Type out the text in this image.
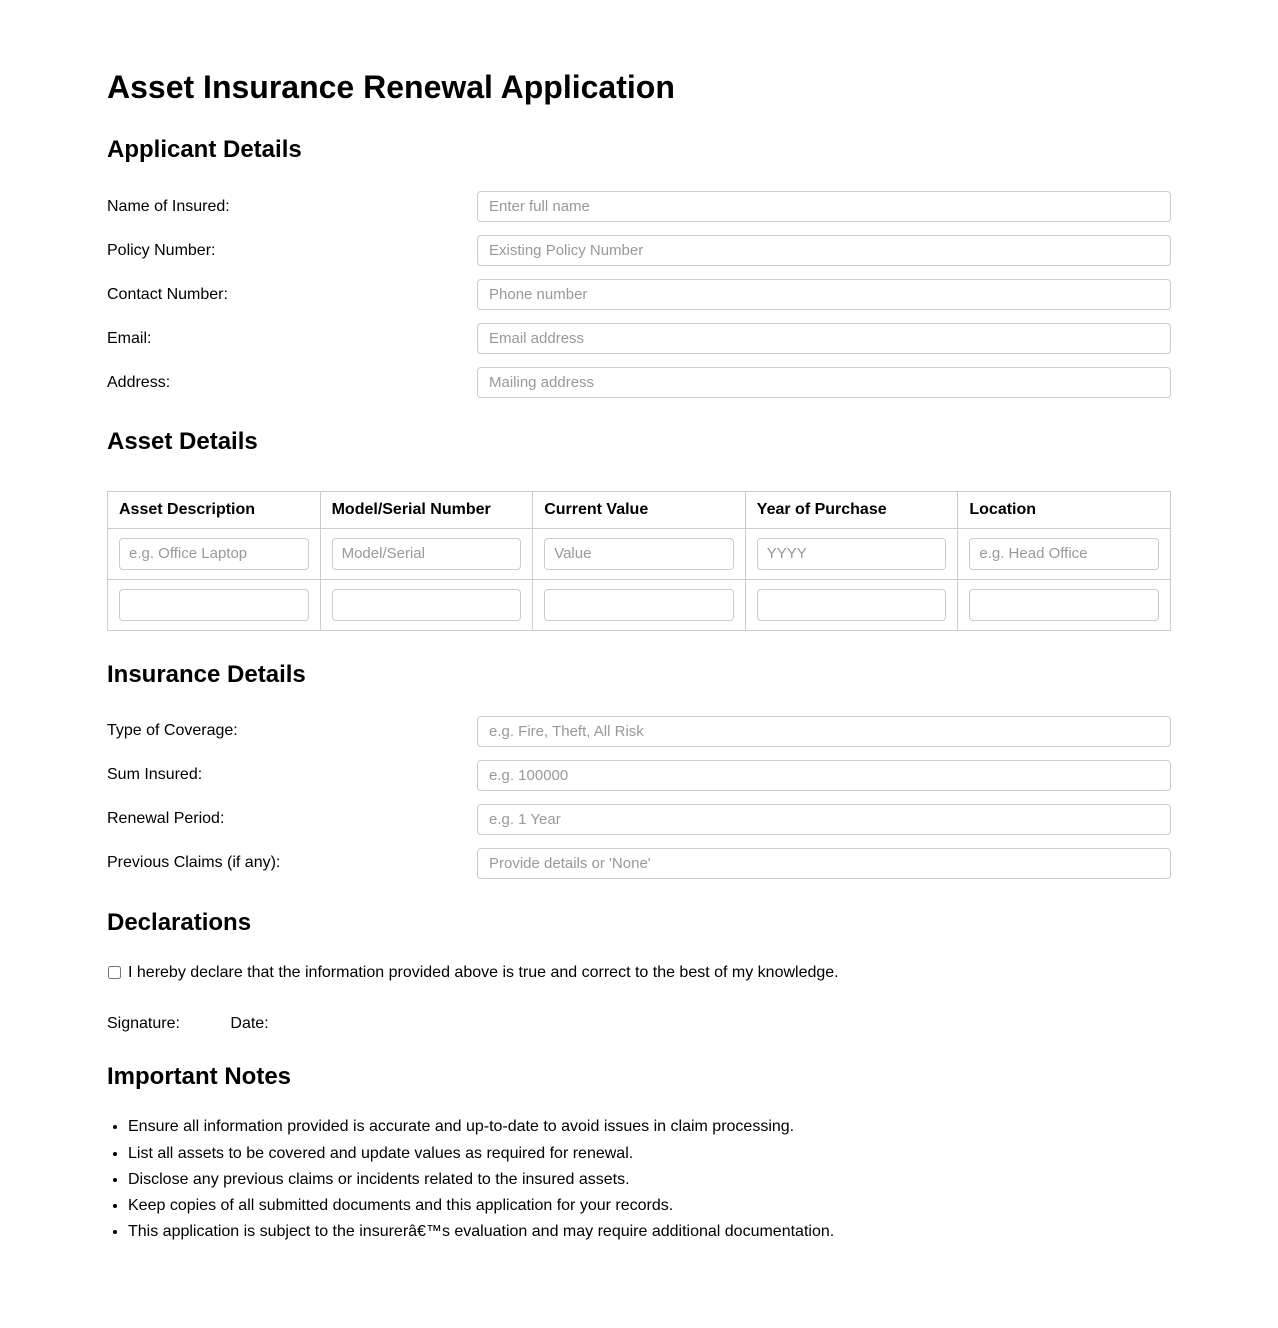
Asset Insurance Renewal Application
Applicant Details
Name of Insured:
Enter full name
Policy Number:
Existing Policy Number
Contact Number:
Phone number
Email:
Email address
Address:
Mailing address
Asset Details
Asset Description	Model/Serial Number	Current Value	Year of Purchase	Location
e.g. Office Laptop	Model/Serial	Value	YYYY	e.g. Head Office

Insurance Details
Type of Coverage:
e.g. Fire, Theft, All Risk
Sum Insured:
e.g. 100000
Renewal Period:
e.g. 1 Year
Previous Claims (if any):
Provide details or 'None'
Declarations
I hereby declare that the information provided above is true and correct to the best of my knowledge.
Signature:	Date:
Important Notes
• Ensure all information provided is accurate and up-to-date to avoid issues in claim processing.
• List all assets to be covered and update values as required for renewal.
• Disclose any previous claims or incidents related to the insured assets.
• Keep copies of all submitted documents and this application for your records.
• This application is subject to the insurerâ€™s evaluation and may require additional documentation.
